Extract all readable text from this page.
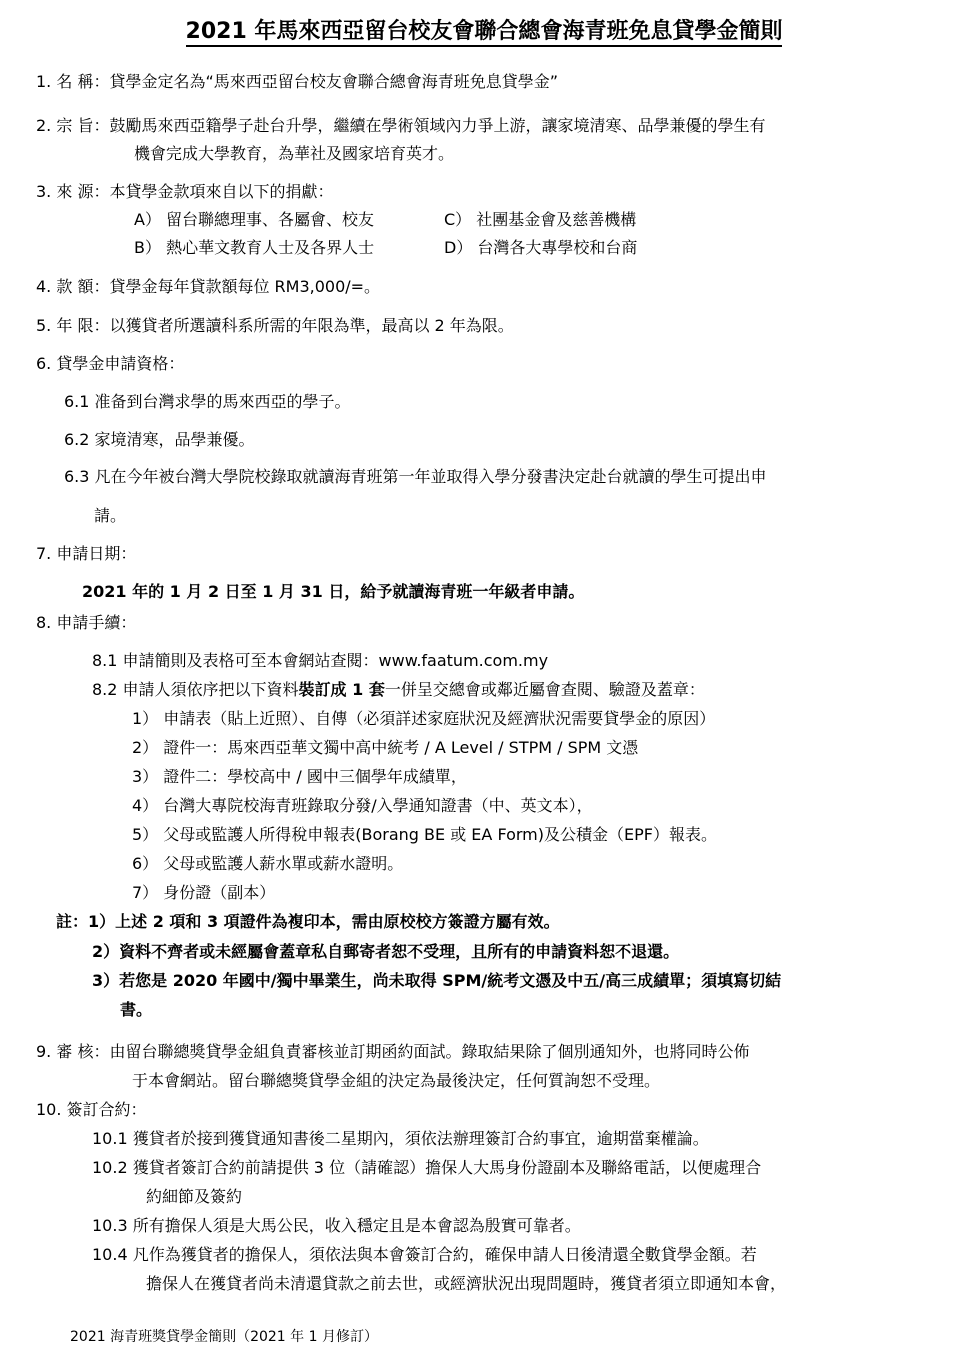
2021 年馬來西亞留台校友會聯合總會海青班免息貸學金簡則
1. 名 稱：貸學金定名為“馬來西亞留台校友會聯合總會海青班免息貸學金”
2. 宗 旨：鼓勵馬來西亞籍學子赴台升學，繼續在學術領域內力爭上游，讓家境清寒、品學兼優的學生有
機會完成大學教育，為華社及國家培育英才。
3. 來 源：本貸學金款項來自以下的捐獻：
A） 留台聯總理事、各屬會、校友	C） 社團基金會及慈善機構
B） 熱心華文教育人士及各界人士	D） 台灣各大專學校和台商
4. 款 額：貸學金每年貸款額每位 RM3,000/=。
5. 年 限：以獲貸者所選讀科系所需的年限為準，最高以 2 年為限。
6. 貸學金申請資格：
6.1 准备到台灣求學的馬來西亞的學子。
6.2 家境清寒，品學兼優。
6.3 凡在今年被台灣大學院校錄取就讀海青班第一年並取得入學分發書決定赴台就讀的學生可提出申
請。
7. 申請日期：
2021 年的 1 月 2 日至 1 月 31 日，給予就讀海青班一年級者申請。
8. 申請手續：
8.1 申請簡則及表格可至本會網站查閱：www.faatum.com.my
8.2 申請人須依序把以下資料裝訂成 1 套一併呈交總會或鄰近屬會查閱、驗證及蓋章：
1） 申請表（貼上近照）、自傳（必須詳述家庭狀況及經濟狀況需要貸學金的原因）
2） 證件一：馬來西亞華文獨中高中統考 / A Level / STPM / SPM 文憑
3） 證件二：學校高中 / 國中三個學年成績單，
4） 台灣大專院校海青班錄取分發/入學通知證書（中、英文本），
5） 父母或監護人所得稅申報表(Borang BE 或 EA Form)及公積金（EPF）報表。
6） 父母或監護人薪水單或薪水證明。
7） 身份證（副本）
註：1）上述 2 項和 3 項證件為複印本，需由原校校方簽證方屬有效。
2）資料不齊者或未經屬會蓋章私自郵寄者恕不受理，且所有的申請資料恕不退還。
3）若您是 2020 年國中/獨中畢業生，尚未取得 SPM/統考文憑及中五/高三成績單；須填寫切結
書。
9. 審 核：由留台聯總獎貸學金組負責審核並訂期函約面試。錄取結果除了個別通知外，也將同時公佈
于本會網站。留台聯總獎貸學金組的決定為最後決定，任何質詢恕不受理。
10. 簽訂合約：
10.1 獲貸者於接到獲貸通知書後二星期內，須依法辦理簽訂合約事宜，逾期當棄權論。
10.2 獲貸者簽訂合約前請提供 3 位（請確認）擔保人大馬身份證副本及聯絡電話，以便處理合
約細節及簽約
10.3 所有擔保人須是大馬公民，收入穩定且是本會認為殷實可靠者。
10.4 凡作為獲貸者的擔保人，須依法與本會簽訂合約，確保申請人日後清還全數貸學金額。若
擔保人在獲貸者尚未清還貸款之前去世，或經濟狀況出現問題時，獲貸者須立即通知本會，
2021 海青班獎貸學金簡則（2021 年 1 月修訂）
